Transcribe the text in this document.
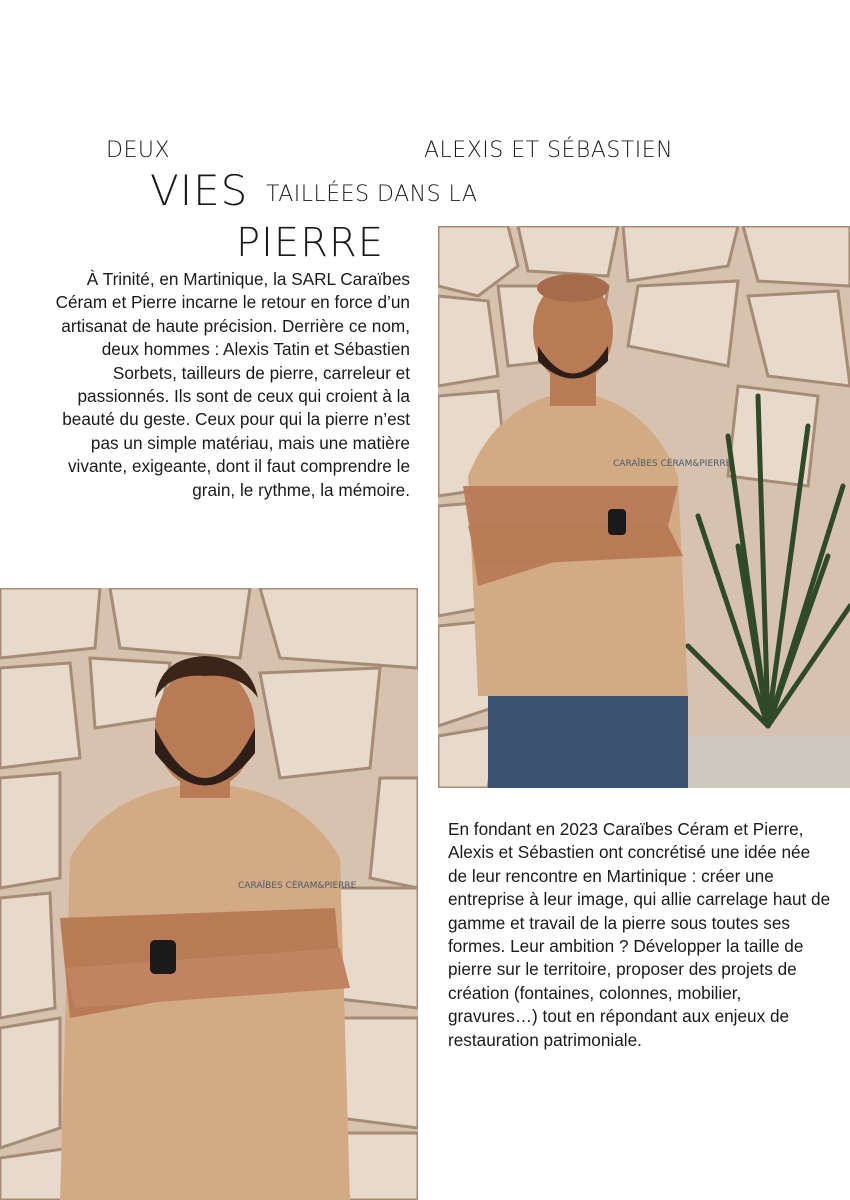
DEUX	ALEXIS ET SÉBASTIEN
VIES TAILLÉES DANS LA
PIERRE

À Trinité, en Martinique, la SARL Caraïbes Céram et Pierre incarne le retour en force d’un artisanat de haute précision. Derrière ce nom, deux hommes : Alexis Tatin et Sébastien Sorbets, tailleurs de pierre, carreleur et passionnés. Ils sont de ceux qui croient à la beauté du geste. Ceux pour qui la pierre n’est pas un simple matériau, mais une matière vivante, exigeante, dont il faut comprendre le grain, le rythme, la mémoire.

CARAÏBES CÉRAM&PIERRE
CARAÏBES CÉRAM&PIERRE

En fondant en 2023 Caraïbes Céram et Pierre, Alexis et Sébastien ont concrétisé une idée née de leur rencontre en Martinique : créer une entreprise à leur image, qui allie carrelage haut de gamme et travail de la pierre sous toutes ses formes. Leur ambition ? Développer la taille de pierre sur le territoire, proposer des projets de création (fontaines, colonnes, mobilier, gravures…) tout en répondant aux enjeux de restauration patrimoniale.
